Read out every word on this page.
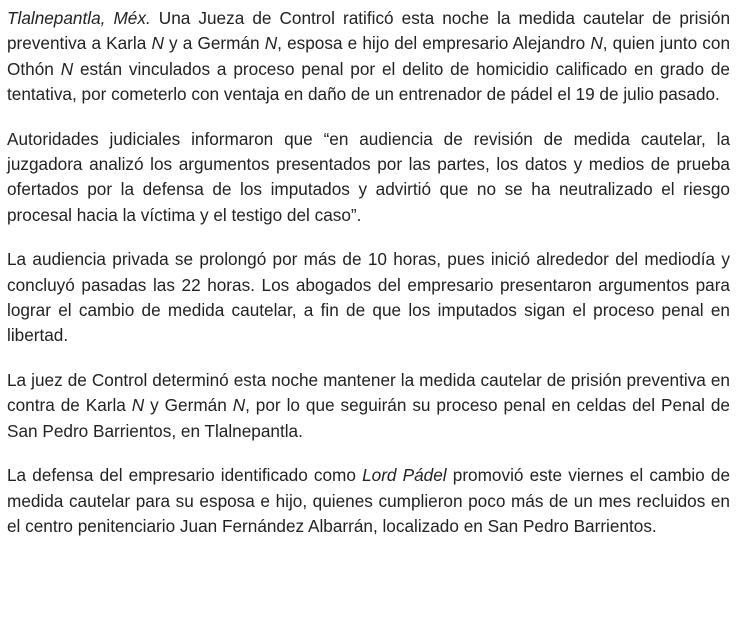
Tlalnepantla, Méx. Una Jueza de Control ratificó esta noche la medida cautelar de prisión preventiva a Karla N y a Germán N, esposa e hijo del empresario Alejandro N, quien junto con Othón N están vinculados a proceso penal por el delito de homicidio calificado en grado de tentativa, por cometerlo con ventaja en daño de un entrenador de pádel el 19 de julio pasado.

Autoridades judiciales informaron que “en audiencia de revisión de medida cautelar, la juzgadora analizó los argumentos presentados por las partes, los datos y medios de prueba ofertados por la defensa de los imputados y advirtió que no se ha neutralizado el riesgo procesal hacia la víctima y el testigo del caso”.

La audiencia privada se prolongó por más de 10 horas, pues inició alrededor del mediodía y concluyó pasadas las 22 horas. Los abogados del empresario presentaron argumentos para lograr el cambio de medida cautelar, a fin de que los imputados sigan el proceso penal en libertad.

La juez de Control determinó esta noche mantener la medida cautelar de prisión preventiva en contra de Karla N y Germán N, por lo que seguirán su proceso penal en celdas del Penal de San Pedro Barrientos, en Tlalnepantla.

La defensa del empresario identificado como Lord Pádel promovió este viernes el cambio de medida cautelar para su esposa e hijo, quienes cumplieron poco más de un mes recluidos en el centro penitenciario Juan Fernández Albarrán, localizado en San Pedro Barrientos.
